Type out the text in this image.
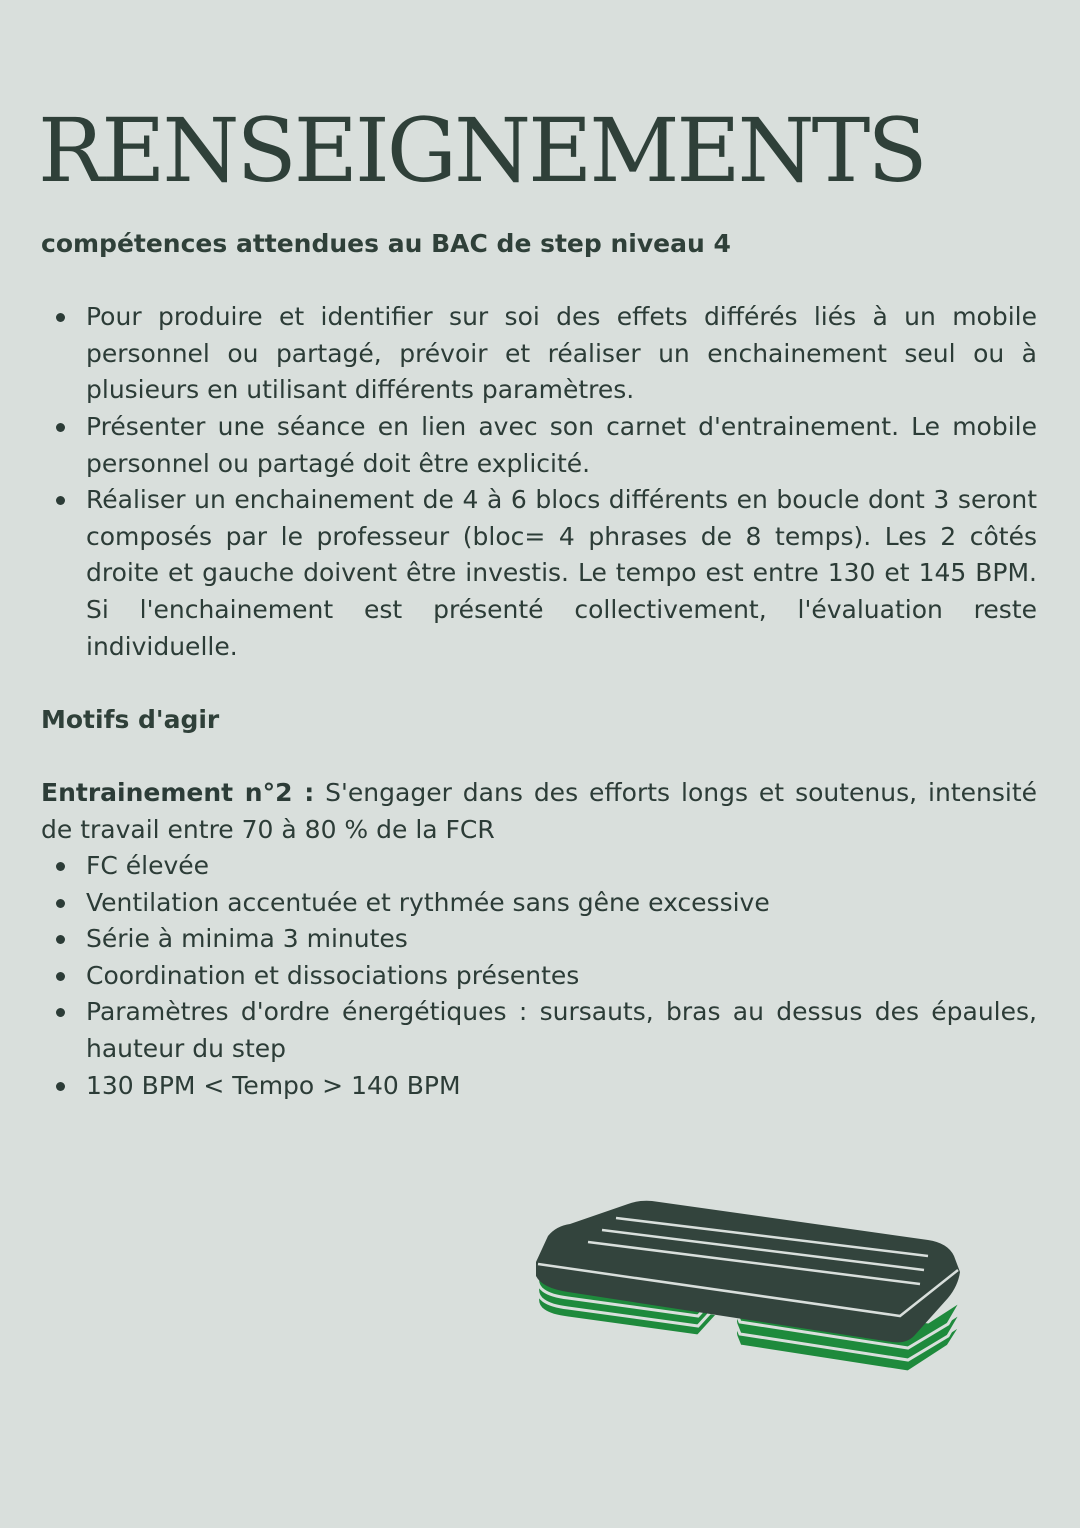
RENSEIGNEMENTS

compétences attendues au BAC de step niveau 4

Pour produire et identifier sur soi des effets différés liés à un mobile personnel ou partagé, prévoir et réaliser un enchainement seul ou à plusieurs en utilisant différents paramètres.
Présenter une séance en lien avec son carnet d'entrainement. Le mobile personnel ou partagé doit être explicité.
Réaliser un enchainement de 4 à 6 blocs différents en boucle dont 3 seront composés par le professeur (bloc= 4 phrases de 8 temps). Les 2 côtés droite et gauche doivent être investis. Le tempo est entre 130 et 145 BPM. Si l'enchainement est présenté collectivement, l'évaluation reste individuelle.

Motifs d'agir

Entrainement n°2 : S'engager dans des efforts longs et soutenus, intensité de travail entre 70 à 80 % de la FCR

FC élevée
Ventilation accentuée et rythmée sans gêne excessive
Série à minima 3 minutes
Coordination et dissociations présentes
Paramètres d'ordre énergétiques : sursauts, bras au dessus des épaules, hauteur du step
130 BPM < Tempo > 140 BPM
